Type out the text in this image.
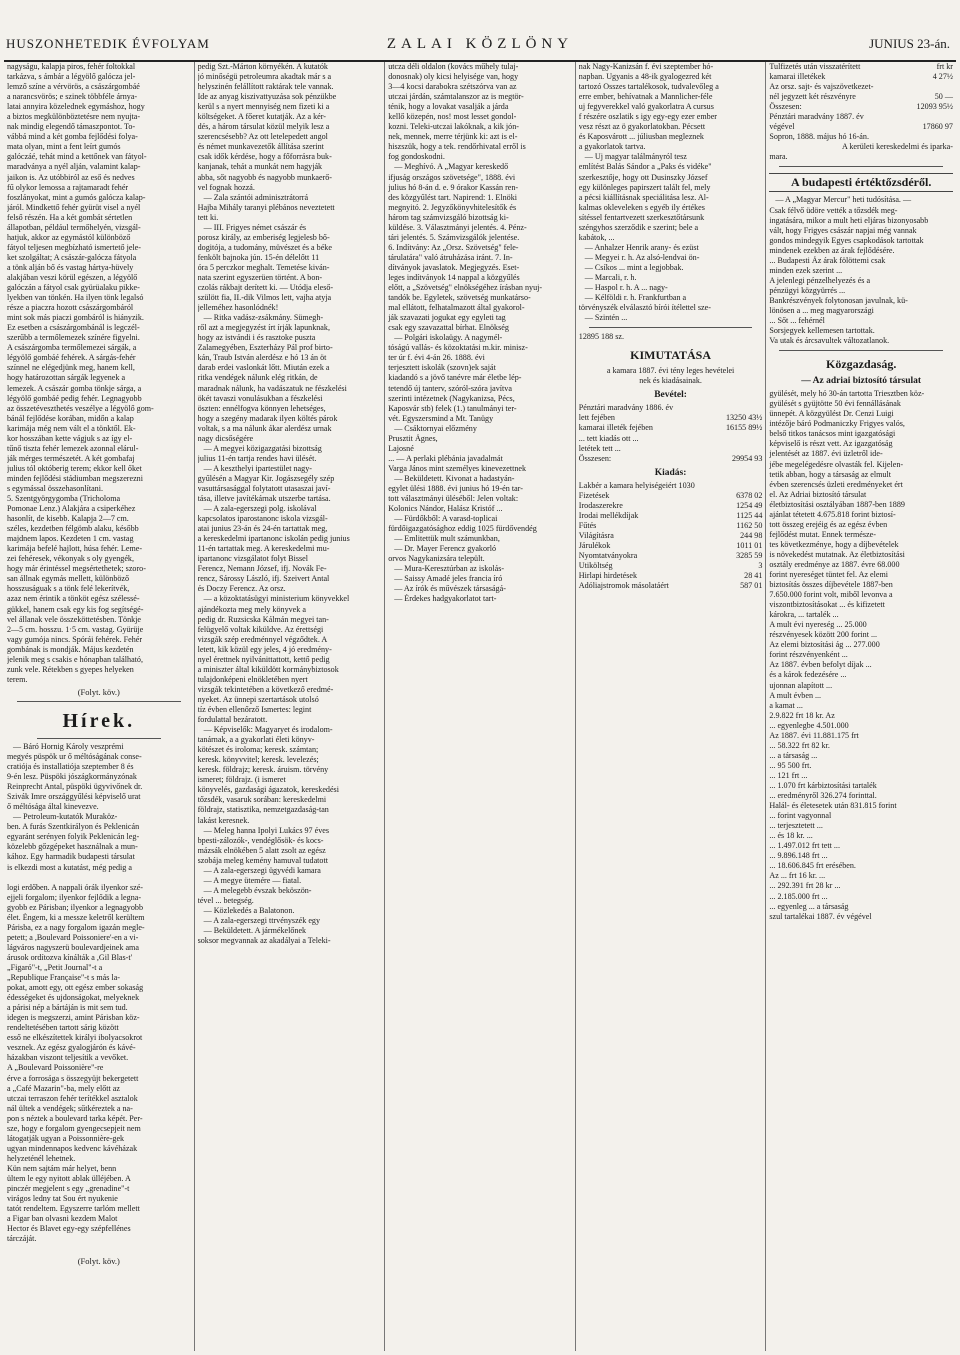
HUSZONHETEDIK ÉVFOLYAM	ZALAI KÖZLÖNY	JUNIUS 23-án.
nagyságu, kalapja piros, fehér foltokkal
tarkázva, s ámbár a légyölő galócza jel-
lemző színe a vérvörös, a császárgombáé
a narancsvörös; e szinek többféle árnya-
latai annyira közelednek egymáshoz, hogy
a biztos megkülönböztetésre nem nyujta-
nak mindig elegendő támaszpontot. To-
vábbá mind a két gomba fejlődési folya-
mata olyan, mint a fent leírt gumós
galóczáé, tehát mind a kettőnek van fátyol-
maradványa a nyél alján, valamint kalap-
jaikon is. Az utóbbiról az eső és nedves
fű olykor lemossa a rajtamaradt fehér
foszlányokat, mint a gumós galócza kalap-
járól. Mindkettő fehér gyürüt visel a nyél
felső részén. Ha a két gombát sértetlen
állapotban, például termőhelyén, vizsgál-
hatjuk, akkor az egymástól különböző
fátyol teljesen megbízható ismertető jele-
ket szolgáltat; A császár-galócza fátyola
a tönk alján bő és vastag hártya-hüvely
alakjában veszi körül egészen, a légyölő
galóczán a fátyol csak gyürüalaku pikke-
lyekben van tönkén. Ha ilyen tönk legalsó
része a piaczra hozott császárgombáról
mint sok más piaczi gombáról is hiányzik.
Ez esetben a császárgombánál is legczél-
szerűbb a termőlemezek színére figyelni.
A császárgomba termőlemezei sárgák, a
légyölő gombáé fehérek. A sárgás-fehér
színnel ne elégedjünk meg, hanem kell,
hogy határozottan sárgák legyenek a
lemezek. A császár gomba tönkje sárga, a
légyölő gombáé pedig fehér. Legnagyobb
az összetéveszthetés veszélye a légyölő gom-
bánál fejlődése korában, midőn a kalap
karimája még nem vált el a tönktől. Ek-
kor hosszában kette vágjuk s az így el-
tűnő tiszta fehér lemezek azonnal elárul-
ják mérges természetét. A két gombafaj
julius tól októberig terem; ekkor kell őket
minden fejlődési stádiumban megszerezni
s egymással összehasonlítani.
5. Szentgyörgygomba (Tricholoma
Pomonae Lenz.) Alakjára a csiperkéhez
hasonlít, de kisebb. Kalapja 2—7 cm.
széles, kezdetben félgömb alaku, később
majdnem lapos. Kezdeten 1 cm. vastag
karimája befelé hajlott, húsa fehér. Leme-
zei fehéresek, vékonyak s oly gyengék,
hogy már érintéssel megsértethetek; szoro-
san állnak egymás mellett, különböző
hosszuságuak s a tönk felé lekerítvék,
azaz nem érintik a tönköt egész szélessé-
gükkel, hanem csak egy kis fog segítségé-
vel állanak vele összeköttetésben. Tönkje
2—5 cm. hosszu. 1·5 cm. vastag. Gyürüje
vagy gumója nincs. Spórái fehérek. Fehér
gombának is mondják. Május kezdetén
jelenik meg s csakis e hónapban található,
zunk vele. Rétekben s gyepes helyeken
terem.
(Folyt. köv.)
Hírek.
— Báró Hornig Károly veszprémi
megyés püspök ur ő méltóságának conse-
cratiója és installatiója szeptember 8 és
9-én lesz. Püspöki jószágkormányzónak
Reinprecht Antal, püspöki ügyvivőnek dr.
Szivák Imre országgyűlési képviselő urat
ő méltósága által kinevezve.
— Petroleum-kutatók Muraköz-
ben. A furás Szentkirályon és Peklenicán
egyaránt serényen folyik Peklenicán leg-
közelebb gőzgépeket használnak a mun-
kához. Egy harmadik budapesti társulat
is elkezdi most a kutatást, még pedig a

logi erdőben. A nappali órák ilyenkor szé-
ejjeli forgalom; ilyenkor fejlődik a legna-
gyobb ez Párisban; ilyenkor a legnagyobb
élet. Éngem, ki a messze keletről kerültem
Párisba, ez a nagy forgalom igazán megle-
petett; a ,Boulevard Poissoniere'-en a vi-
lágváros nagyszerü boulevardjeinek ama
árusok ordítozva kínálták a ,Gil Blas-t'
„Figaró"-t, „Petit Journal"-t a
„Republique Française"-t s más la-
pokat, amott egy, ott egész ember sokaság
édességeket és ujdonságokat, melyeknek
a párisi nép a bártáján is mit sem tud.
idegen is megszerzi, amint Párisban köz-
rendeltetésében tartott sárig között
esső ne elkészítettek királyi ibolyacsokrot
vesznek. Az egész gyalogjárón és kávé-
házakban viszont teljesítik a vevőket.
A „Boulevard Poissonière"-re
érve a forrosága s összegyüjt bekergetett
a „Café Mazarin"-ba, mely előtt az
utczai terraszon fehér terítékkel asztalok
nál ültek a vendégek; sűtkéreztek a na-
pon s néztek a boulevard tarka képét. Per-
sze, hogy e forgalom gyengecsepjeit nem
látogatják ugyan a Poissonnière-gek
ugyan mindennapos kedvenc kávéházak
helyzeténél lehetnek.
Kün nem sajtám már helyet, benn
ültem le egy nyitott ablak ülléjében. A
pinczér megjelent s egy „grenadine"-t
virágos ledny tat Sou ért nyukenie
tatót rendeltem. Egyszerre tarlóm mellett
a Figar ban olvasni kezdem Malot
Hector és Blavet egy-egy szépfellénes
tárczáját.

(Folyt. köv.)
pedig Szt.-Márton környékén. A kutatók
jó minőségü petroleumra akadtak már s a
helyszinén felállított raktárak tele vannak.
Ide az anyag kiszivattyuzása sok pénzükbe
kerül s a nyert mennyiség nem fizeti ki a
költségeket. A főeret kutatják. Az a kér-
dés, a három társulat közül melyik lesz a
szerencsésebb? Az ott letelepedett angol
és német munkavezetők állítása szerint
csak idők kérdése, hogy a főforrásra buk-
kanjanak, tehát a munkát nem hagyják
abba, sőt nagyobb és nagyobb munkaerő-
vel fognak hozzá.
— Zala szántói adminisztrátorrá
Hajba Mihály taranyi plébános neveztetett
tett ki.
— III. Frigyes német császár és
porosz király, az emberiség legjelesb bő-
dogitója, a tudomány, müvészet és a béke
fenkölt bajnoka jún. 15-én délelőtt 11
óra 5 perczkor meghalt. Temetése kiván-
nata szerint egyszerüen történt. A bon-
czolás rákbajt derített ki. — Utódja eleső-
szülött fia, II.-dik Vilmos lett, vajha atyja
jelleméhez hasonlódnék!
— Ritka vadász-zsákmány. Sümegh-
ről azt a megjegyzést írt írják lapunknak,
hogy az istvándi i és rasztoke puszta
Zalamegyében, Eszterházy Pál prof birto-
kán, Traub István alerdész e hó 13 án öt
darab erdei vaslonkát lőtt. Miután ezek a
ritka vendégek nálunk elég ritkán, de
maradnak nálunk, ha vadászatuk ne fészkelési
ökét tavaszi vonulásukban a fészkelési
öszten: ennélfogva könnyen lehetséges,
hogy a szegény madarak ilyen költés párok
voltak, s a ma nálunk ákar alerdész urnak
nagy dicsőségére
— A megyei közigazgatási bizottság
julius 11-én tartja rendes havi ülését.
— A keszthelyi ipartestület nagy-
gyűlésén a Magyar Kir. Jogászsegély szép
vasuttársasággal folytatott utasaszai javí-
tása, illetve javítékárnak utszerbe tartása.
— A zala-egerszegi polg. iskolával
kapcsolatos iparostanonc iskola vizsgál-
atai junius 23-án és 24-én tartattak meg,
a kereskedelmi ipartanonc iskolán pedig junius
11-én tartattak meg. A kereskedelmi mu-
ipartanonc vizsgálatot folyt Bissel
Ferencz, Nemann József, ifj. Novák Fe-
rencz, Sárossy László, ifj. Szeivert Antal
és Doczy Ferencz. Az orsz.
— a közoktatásügyi ministerium könyvekkel
ajándékozta meg mely könyvek a
pedig dr. Ruzsicska Kálmán megyei tan-
felügyelő voltak kiküldve. Az érettségi
vizsgák szép eredménnyel végződtek. A
letett, kik közül egy jeles, 4 jó eredmény-
nyel érettnek nyilvánittattott, kettő pedig
a miniszter által kiküldött kormánybiztosok
tulajdonképeni elnökletében nyert
vizsgák tekintetében a következő eredmé-
nyeket. Az ünnepi szertartások utolsó
tíz évben ellenőrző Ismertes: legint
fordulattal bezáratott.
— Képviselők: Magyaryet és irodalom-
tanárnak, a a gyakorlati életi könyv-
kötészet és iroloma; keresk. számtan;
keresk. könyvvitel; keresk. levelezés;
keresk. földrajz; keresk. áruism. törvény
ismeret; földrajz. (i ismeret
könyvelés, gazdasági ágazatok, kereskedési
tőzsdék, vasaruk sorában: kereskedelmi
földrajz, statisztika, nemzetgazdaság-tan
lakást keresnek.
— Meleg hanna Ipolyi Lukács 97 éves
bpesti-zálozók-, vendéglősök- és kocs-
mázsák elnökében 5 alatt zsolt az egész
szobája meleg kemény hamuval tudatott
— A zala-egerszegi ügyvédi kamara
— A megye ütemére — fiatal.
— A melegebb évszak beköszön-
tével ... betegség.
— Közlekedés a Balatonon.
— A zala-egerszegi ttrvényszék egy
— Beküldetett. A jármékelőnek
soksor megvannak az akadályai a Teleki-
utcza déli oldalon (kovács műhely tulaj-
donosnak) oly kicsi helyisége van, hogy
3—4 kocsi darabokra szétszórva van az
utczai járdán, számtalanszor az is megtör-
ténik, hogy a lovakat vasalják a járda
kellő közepén, nos! most lesset gondol-
kozni. Teleki-utczai lakóknak, a kik jón-
nek, mennek, merre térjünk ki: azt is el-
hiszszük, hogy a tek. rendőrhivatal erről is
fog gondoskodni.
— Meghívó. A „Magyar kereskedő
ifjuság országos szövetsége", 1888. évi
julius hó 8-án d. e. 9 órakor Kassán ren-
des közgyűlést tart. Napirend: 1. Elnöki
megnyitó. 2. Jegyzőkönyvhitelesítők és
három tag számvizsgáló bizottság ki-
küldése. 3. Választmányi jelentés. 4. Pénz-
tári jelentés. 5. Számvizsgálók jelentése.
6. Indítvány: Az „Orsz. Szövetség" fele-
tárulatára" való átruházása iránt. 7. In-
dítványok javaslatok. Megjegyzés. Eset-
leges indítványok 14 nappal a közgyűlés
előtt, a „Szövetség" elnökségéhez írásban nyuj-
tandók be. Egyletek, szövetség munkatárso-
mal ellátott, felhatalmazott által gyakorol-
ják szavazati jogukat egy egyleti tag
csak egy szavazattal bírhat. Elnökség
— Polgári iskolaügy. A nagymél-
tóságú vallás- és közoktatási m.kir. minisz-
ter úr f. évi 4-án 26. 1888. évi
terjesztett iskolák (szovn)ek saját
kiadandó s a jövő tanévre már életbe lép-
tetendő új tanterv, szóról-szóra javítva
szerinti intézetnek (Nagykanizsa, Pécs,
Kaposvár stb) felek (1.) tanulmányi ter-
vét. Egyszersmind a Mt. Tanügy
— Csáktornyai előzmény
Prusztit Ágnes,
Lajosné
... — A perlaki plébánia javadalmát
Varga János mint személyes kinevezettnek
— Beküldetett. Kivonat a hadastyán-
egylet ülési 1888. évi junius hó 19-én tar-
tott választmányi üléséből: Jelen voltak:
Kolonics Nándor, Halász Kristóf ...
— Fürdőkből: A varasd-toplicai
fürdőigazgatósághoz eddig 1025 fürdővendég
— Emlitettük mult számunkban,
— Dr. Mayer Ferencz gyakorló
orvos Nagykanizsára települt.
— Mura-Keresztúrban az iskolás-
— Saissy Amadé jeles francia író
— Az írók és művészek társaságá-
— Érdekes hadgyakorlatot tart-
nak Nagy-Kanizsán f. évi szeptember hó-
napban. Ugyanis a 48-ik gyalogezred két
tartozó Osszes tartalékosok, tudvalevőleg a
erre ember, behívatnak a Mannlicher-féle
uj fegyverekkel való gyakorlatra A cursus
f részére oszlatik s igy egy-egy ezer ember
vesz részt az ö gyakorlatokban. Pécsett
és Kaposvárott ... júliusban megleznek
a gyakorlatok tartva.
— Uj magyar találmányról tesz
említést Balás Sándor a „Paks és vidéke"
szerkesztője, hogy ott Dusinszky József
egy különleges papirszert talált fel, mely
a pécsi kiállításnak speciálitása lesz. Al-
kalmas okleveleken s egyéb ily értékes
sítéssel fentartvezett szerkesztőtársunk
széngyhos szerződik e szerint; bele a
kabátok, ...
— Anhalzer Henrik arany- és ezüst
— Megyei r. h. Az alsó-lendvai ön-
— Csíkos ... mint a legjobbak.
— Marcali, r. h.
— Haspol r. h. A ... nagy-
— Kélföldi r. h. Frankfurtban a
törvényszék elválasztó bírói ítélettel sze-
— Szintén ...
12895 188 sz.
KIMUTATÁSA
a kamara 1887. évi tény leges hevételei
nek és kiadásainak.
Bevétel:
Pénztári maradvány 1886. év
lett fejében	13250 43½
kamarai illeték fejében	16155 89½
... tett kiadás ott ...
letétek tett ...
Összesen:	29954 93
Kiadás:
Lakbér a kamara helyiségeiért 1030
Fizetések	6378 02
Irodaszerekre	1254 49
Irodai mellékdíjak	1125 44
Fűtés	1162 50
Világításra	244 98
Járulékok	1011 01
Nyomtatványokra	3285 59
Utiköltség	3
Hirlapi hirdetések	28 41
Adóliajstromok másolatáért	587 01
Tulfizetés után visszatérített	frt kr
kamarai illetékek	4 27½
Az orsz. sajt- és vajszövetkezet-
nél jegyzett két részvényre	50 —
Összesen:	12093 95½
Pénztári maradvány 1887. év
végével	17860 97
Sopron, 1888. május hó 16-án.
A kerületi kereskedelmi és iparka-
mara.
A budapesti értéktőzsdéről.
— A „Magyar Mercur" heti tudósítása. —
Csak félvő üdöre vették a tőzsdék meg-
ingatására, mikor a mult heti eljáras bizonyosabb
vált, hogy Frigyes császár napjai még vannak
gondos mindegyik Egyes csapkodások tartottak
mindenek ezekben az árak fejlődésére.
... Budapesti Áz árak fölöttemi csak
minden ezek szerint ...
A jelenlegi pénzelhelyezés és a
pénzügyi közgyürrés ...
Bankrészvények folytonosan javulnak, kü-
lönösen a ... meg magyarországi
... Sőt ... fehérnél
Sorsjegyek kellemesen tartottak.
Va utak és árcsavultek változatlanok.
Közgazdaság.
— Az adriai biztosító társulat
gyülését, mely hó 30-án tartotta Triesztben köz-
gyülését s gyüjtötte 50 évi fennállásának
ünnepét. A közgyülést Dr. Cenzi Luigi
intézője báró Podmaniczky Frigyes valós,
belső titkos tanácsos mint igazgatósági
képviselő is részt vett. Az igazgatóság
jelentését az 1887. évi üzletről ide-
jébe megelégedésre olvasták fel. Kijelen-
tetik abban, hogy a társaság az elmult
évben szerencsés üzleti eredményeket ért
el. Az Adriai biztosító társulat
életbiztosítási osztályában 1887-ben 1889
ajánlat tétetett 4.675.818 forint biztosí-
tott összeg erejéig és az egész évben
fejlődést mutat. Ennek természe-
tes következménye, hogy a díjbevételek
is növekedést mutatnak. Az életbiztosítási
osztály eredménye az 1887. évre 68.000
forint nyereséget tüntet fel. Az elemi
biztosítás összes díjbevétele 1887-ben
7.650.000 forint volt, miből levonva a
viszontbiztosításokat ... és kifizetett
károkra, ... tartalék ...
A mult évi nyereség ... 25.000
részvényesek között 200 forint ...
Az elemi biztosítási ág ... 277.000
forint részvényenként ...
Az 1887. évben befolyt díjak ...
és a károk fedezésére ...
ujonnan alapított ...
A mult évben ...
a kamat ...
2.9.822 frt 18 kr. Az
... egyenlegbe 4.501.000
Az 1887. évi 11.881.175 frt
... 58.322 frt 82 kr.
... a társaság ...
... 95 500 frt.
... 121 frt ...
... 1.070 frt kárbiztosítási tartalék
... eredményről 326.274 forinttal.
Halál- és életesetek után 831.815 forint
... forint vagyonnal
... terjesztetett ...
... és 18 kr. ...
... 1.497.012 frt tett ...
... 9.896.148 frt ...
... 18.606.845 frt erésében.
Az ... frt 16 kr. ...
... 292.391 frt 28 kr ...
... 2.185.000 frt ...
... egyenleg ... a társaság
szul tartalékai 1887. év végével
